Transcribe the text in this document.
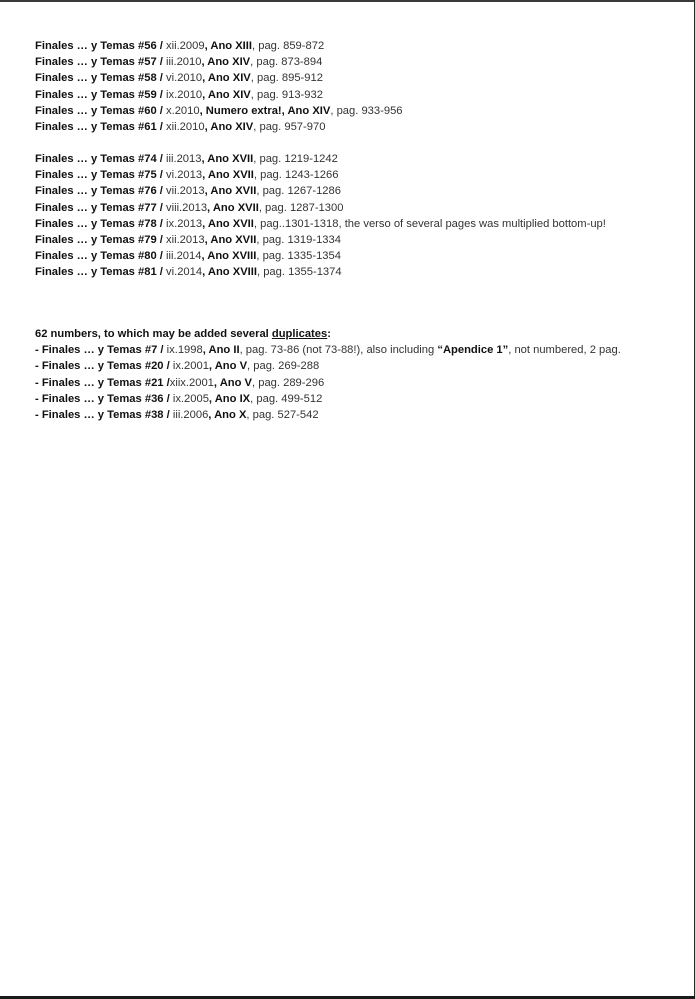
Finales … y Temas #56 / xii.2009, Ano XIII, pag. 859-872
Finales … y Temas #57 / iii.2010, Ano XIV, pag. 873-894
Finales … y Temas #58 / vi.2010, Ano XIV, pag. 895-912
Finales … y Temas #59 / ix.2010, Ano XIV, pag. 913-932
Finales … y Temas #60 / x.2010, Numero extra!, Ano XIV, pag. 933-956
Finales … y Temas #61 / xii.2010, Ano XIV, pag. 957-970
Finales … y Temas #74 / iii.2013, Ano XVII, pag. 1219-1242
Finales … y Temas #75 / vi.2013, Ano XVII, pag. 1243-1266
Finales … y Temas #76 / vii.2013, Ano XVII, pag. 1267-1286
Finales … y Temas #77 / viii.2013, Ano XVII, pag. 1287-1300
Finales … y Temas #78 / ix.2013, Ano XVII, pag..1301-1318, the verso of several pages was multiplied bottom-up!
Finales … y Temas #79 / xii.2013, Ano XVII, pag. 1319-1334
Finales … y Temas #80 / iii.2014, Ano XVIII, pag. 1335-1354
Finales … y Temas #81 / vi.2014, Ano XVIII, pag. 1355-1374
62 numbers, to which may be added several duplicates:
- Finales … y Temas #7 / ix.1998, Ano II, pag. 73-86 (not 73-88!), also including “Apendice 1”, not numbered, 2 pag.
- Finales … y Temas #20 / ix.2001, Ano V, pag. 269-288
- Finales … y Temas #21 /xiix.2001, Ano V, pag. 289-296
- Finales … y Temas #36 / ix.2005, Ano IX, pag. 499-512
- Finales … y Temas #38 / iii.2006, Ano X, pag. 527-542
